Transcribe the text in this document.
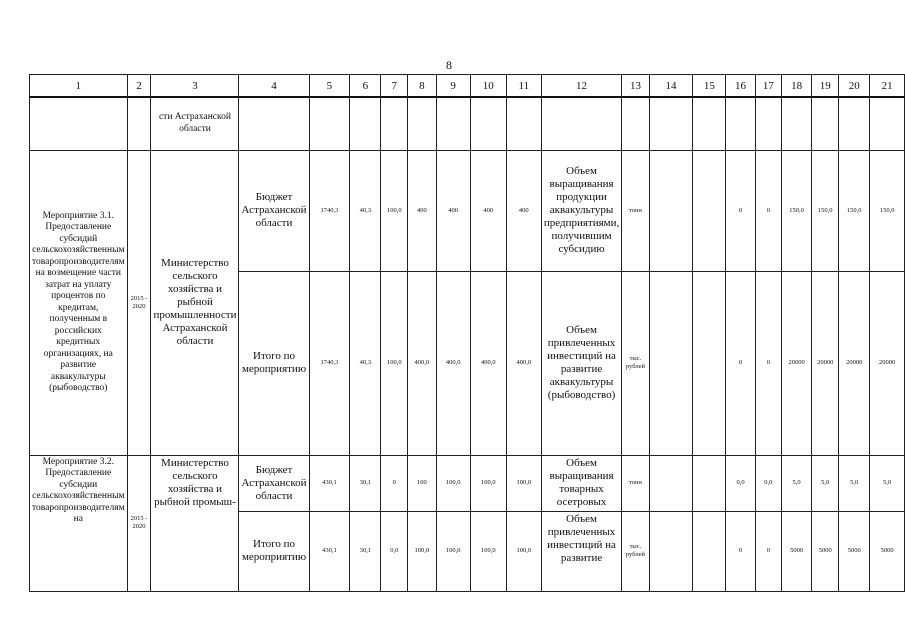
8
1	2	3	4	5	6	7	8	9	10	11	12	13	14	15	16	17	18	19	20	21
		сти Астраханской области																		
Мероприятие 3.1. Предоставление субсидий сельскохозяйственным товаропроизводителям на возмещение части затрат на уплату процентов по кредитам, полученным в российских кредитных организациях, на развитие аквакультуры (рыбоводство)	2015 - 2020	Министерство сельского хозяйства и рыбной промышленности Астраханской области	Бюджет Астраханской области	1740,3	40,3	100,0	400	400	400	400	Объем выращивания продукции аквакультуры предприятиями, получившим субсидию	тонн			0	0	150,0	150,0	150,0	150,0
			Итого по мероприятию	1740,3	40,3	100,0	400,0	400,0	400,0	400,0	Объем привлеченных инвестиций на развитие аквакультуры (рыбоводство)	тыс. рублей			0	0	20000	20000	20000	20000
Мероприятие 3.2. Предоставление субсидии сельскохозяйственным товаропроизводителям на	2015 - 2020	Министерство сельского хозяйства и рыбной промыш-	Бюджет Астраханской области	430,1	30,1	0	100	100,0	100,0	100,0	Объем выращивания товарных осетровых	тонн			0,0	0,0	5,0	5,0	5,0	5,0
			Итого по мероприятию	430,1	30,1	0,0	100,0	100,0	100,0	100,0	Объем привлеченных инвестиций на развитие	тыс. рублей			0	0	5000	5000	5000	5000
